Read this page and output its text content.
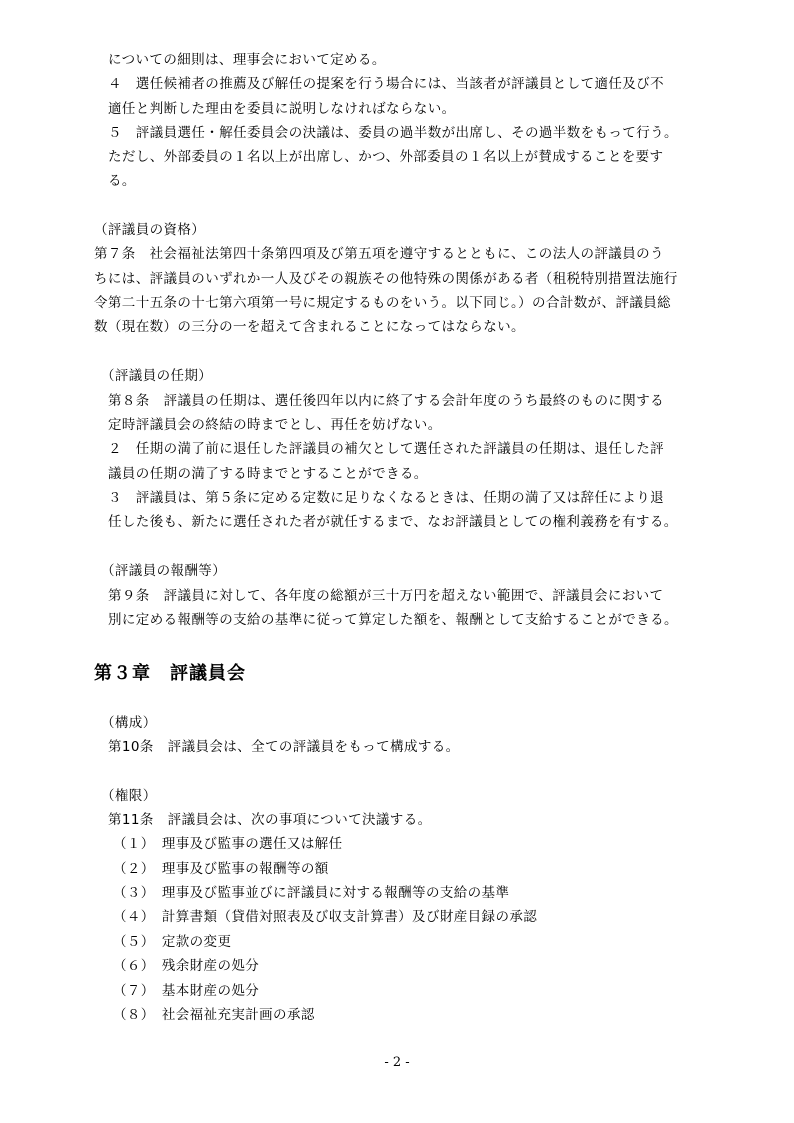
についての細則は、理事会において定める。
４　選任候補者の推薦及び解任の提案を行う場合には、当該者が評議員として適任及び不
適任と判断した理由を委員に説明しなければならない。
５　評議員選任・解任委員会の決議は、委員の過半数が出席し、その過半数をもって行う。
ただし、外部委員の１名以上が出席し、かつ、外部委員の１名以上が賛成することを要す
る。
（評議員の資格）
第７条　社会福祉法第四十条第四項及び第五項を遵守するとともに、この法人の評議員のう
ちには、評議員のいずれか一人及びその親族その他特殊の関係がある者（租税特別措置法施行
令第二十五条の十七第六項第一号に規定するものをいう。以下同じ。）の合計数が、評議員総
数（現在数）の三分の一を超えて含まれることになってはならない。
（評議員の任期）
第８条　評議員の任期は、選任後四年以内に終了する会計年度のうち最終のものに関する
定時評議員会の終結の時までとし、再任を妨げない。
２　任期の満了前に退任した評議員の補欠として選任された評議員の任期は、退任した評
議員の任期の満了する時までとすることができる。
３　評議員は、第５条に定める定数に足りなくなるときは、任期の満了又は辞任により退
任した後も、新たに選任された者が就任するまで、なお評議員としての権利義務を有する。
（評議員の報酬等）
第９条　評議員に対して、各年度の総額が三十万円を超えない範囲で、評議員会において
別に定める報酬等の支給の基準に従って算定した額を、報酬として支給することができる。
第３章　評議員会
（構成）
第10条　評議員会は、全ての評議員をもって構成する。
（権限）
第11条　評議員会は、次の事項について決議する。
（１）　理事及び監事の選任又は解任
（２）　理事及び監事の報酬等の額
（３）　理事及び監事並びに評議員に対する報酬等の支給の基準
（４）　計算書類（貸借対照表及び収支計算書）及び財産目録の承認
（５）　定款の変更
（６）　残余財産の処分
（７）　基本財産の処分
（８）　社会福祉充実計画の承認
- 2 -
